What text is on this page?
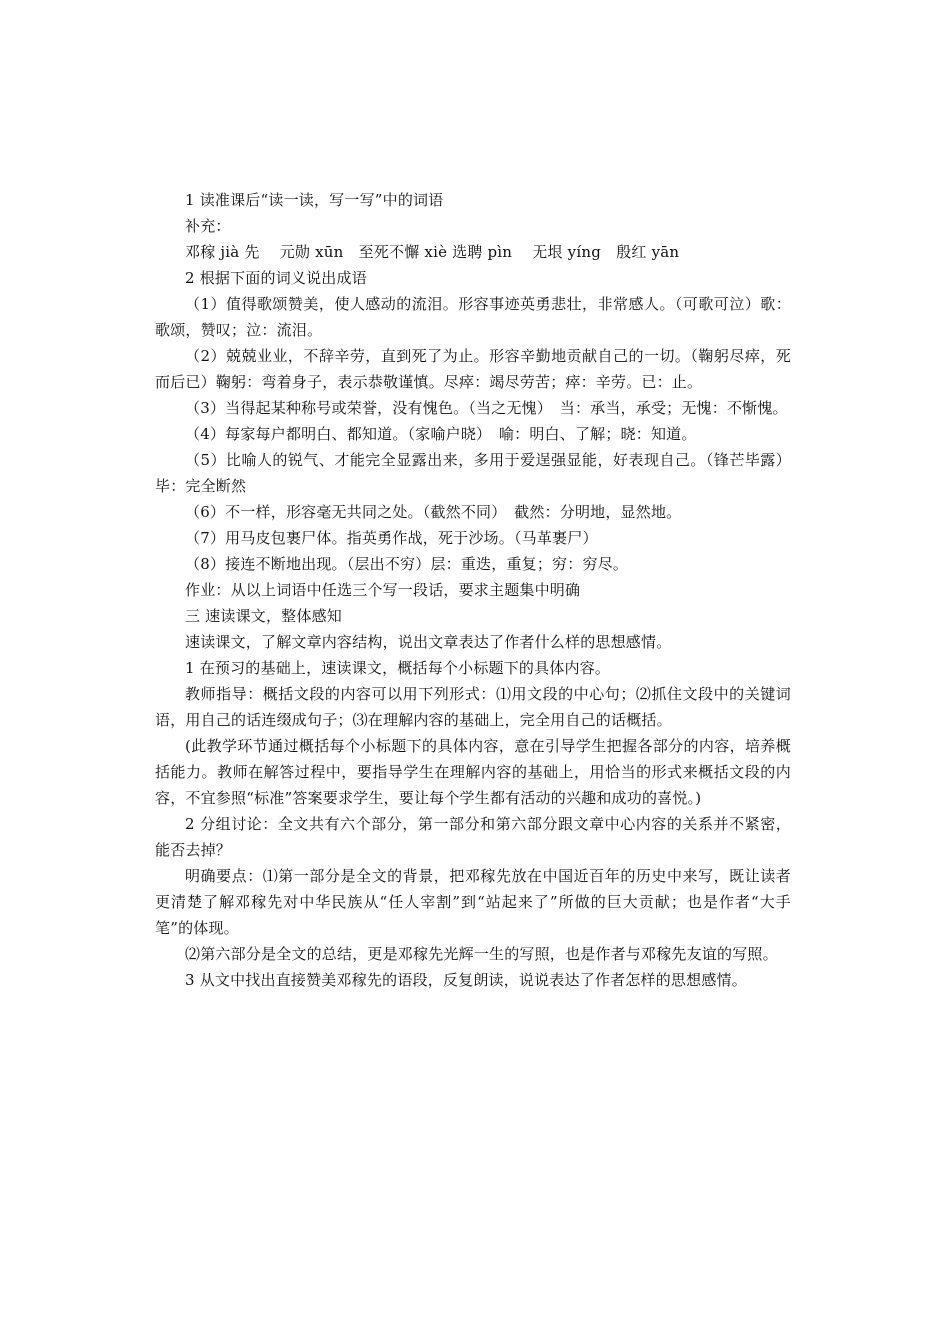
1 读准课后“读一读，写一写”中的词语
补充：
邓稼 jià 先　 元勋 xūn　至死不懈 xiè 选聘 pìn　 无垠 yíng　殷红 yān
2 根据下面的词义说出成语
（1）值得歌颂赞美，使人感动的流泪。形容事迹英勇悲壮，非常感人。（可歌可泣）歌：歌颂，赞叹；泣：流泪。
（2）兢兢业业，不辞辛劳，直到死了为止。形容辛勤地贡献自己的一切。（鞠躬尽瘁，死而后已）鞠躬：弯着身子，表示恭敬谨慎。尽瘁：竭尽劳苦；瘁：辛劳。已：止。
（3）当得起某种称号或荣誉，没有愧色。（当之无愧）　当：承当，承受；无愧：不惭愧。
（4）每家每户都明白、都知道。（家喻户晓）　喻：明白、了解；晓：知道。
（5）比喻人的锐气、才能完全显露出来，多用于爱逞强显能，好表现自己。（锋芒毕露）毕：完全断然
（6）不一样，形容毫无共同之处。（截然不同）　截然：分明地，显然地。
（7）用马皮包裹尸体。指英勇作战，死于沙场。（马革裹尸）
（8）接连不断地出现。（层出不穷）层：重迭，重复；穷：穷尽。
作业：从以上词语中任选三个写一段话，要求主题集中明确
三 速读课文，整体感知
速读课文，了解文章内容结构，说出文章表达了作者什么样的思想感情。
1 在预习的基础上，速读课文，概括每个小标题下的具体内容。
教师指导：概括文段的内容可以用下列形式：⑴用文段的中心句；⑵抓住文段中的关键词语，用自己的话连缀成句子；⑶在理解内容的基础上，完全用自己的话概括。
(此教学环节通过概括每个小标题下的具体内容，意在引导学生把握各部分的内容，培养概括能力。教师在解答过程中，要指导学生在理解内容的基础上，用恰当的形式来概括文段的内容，不宜参照“标准”答案要求学生，要让每个学生都有活动的兴趣和成功的喜悦。)
2 分组讨论：全文共有六个部分，第一部分和第六部分跟文章中心内容的关系并不紧密，能否去掉？
明确要点：⑴第一部分是全文的背景，把邓稼先放在中国近百年的历史中来写，既让读者更清楚了解邓稼先对中华民族从“任人宰割”到“站起来了”所做的巨大贡献；也是作者“大手笔”的体现。
⑵第六部分是全文的总结，更是邓稼先光辉一生的写照，也是作者与邓稼先友谊的写照。
3 从文中找出直接赞美邓稼先的语段，反复朗读，说说表达了作者怎样的思想感情。
